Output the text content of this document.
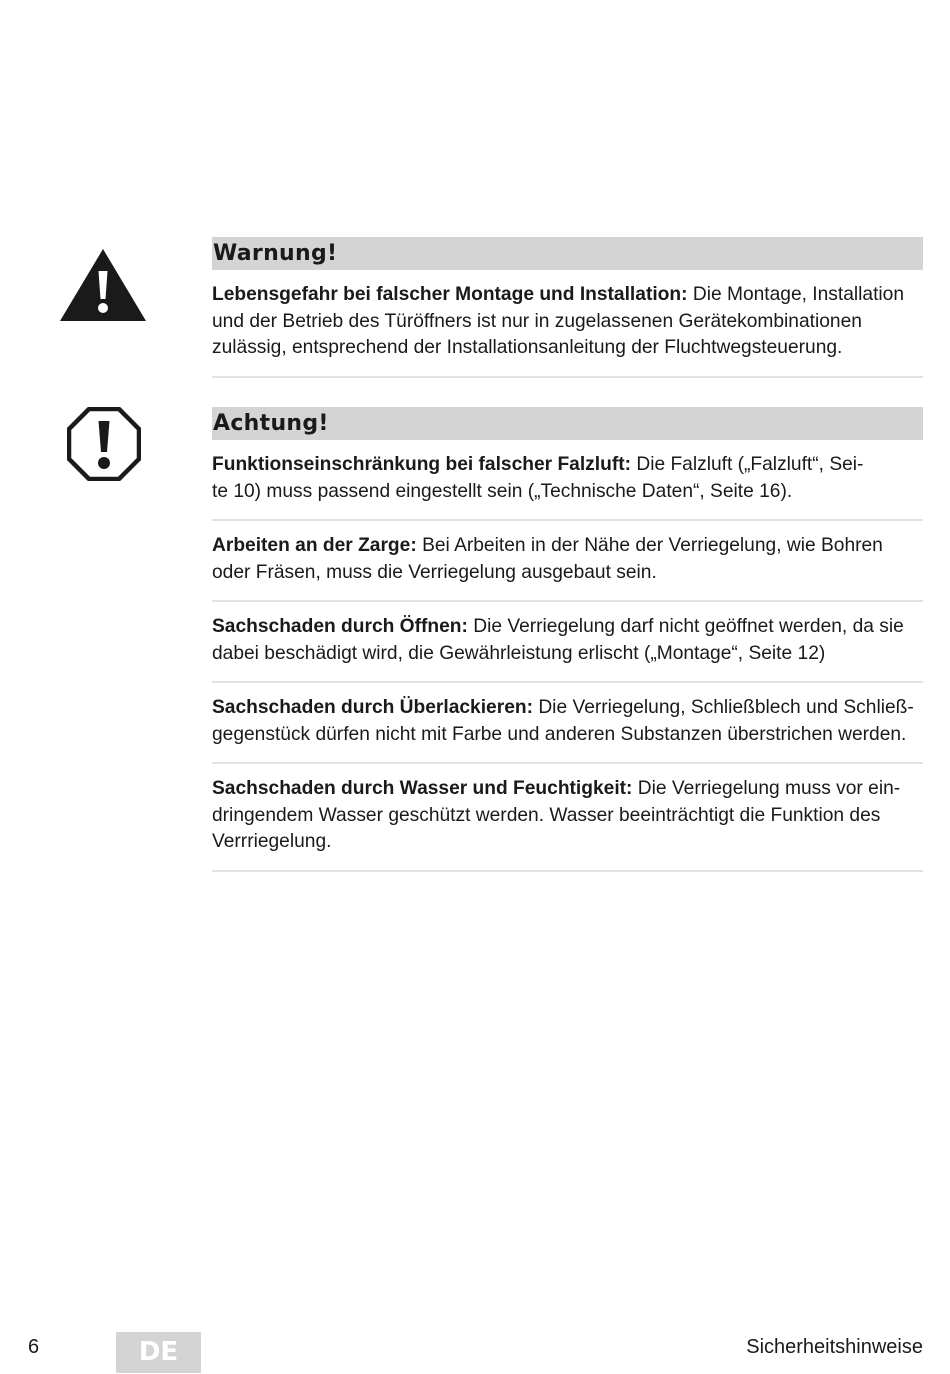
Warnung!
Lebensgefahr bei falscher Montage und Installation: Die Montage, Installation
und der Betrieb des Türöffners ist nur in zugelassenen Gerätekombinationen
zulässig, entsprechend der Installationsanleitung der Fluchtwegsteuerung.
Achtung!
Funktionseinschränkung bei falscher Falzluft: Die Falzluft („Falzluft“, Sei-
te 10) muss passend eingestellt sein („Technische Daten“, Seite 16).
Arbeiten an der Zarge: Bei Arbeiten in der Nähe der Verriegelung, wie Bohren
oder Fräsen, muss die Verriegelung ausgebaut sein.
Sachschaden durch Öffnen: Die Verriegelung darf nicht geöffnet werden, da sie
dabei beschädigt wird, die Gewährleistung erlischt („Montage“, Seite 12)
Sachschaden durch Überlackieren: Die Verriegelung, Schließblech und Schließ-
gegenstück dürfen nicht mit Farbe und anderen Substanzen überstrichen werden.
Sachschaden durch Wasser und Feuchtigkeit: Die Verriegelung muss vor ein-
dringendem Wasser geschützt werden. Wasser beeinträchtigt die Funktion des
Verrriegelung.
6	DE	Sicherheitshinweise
